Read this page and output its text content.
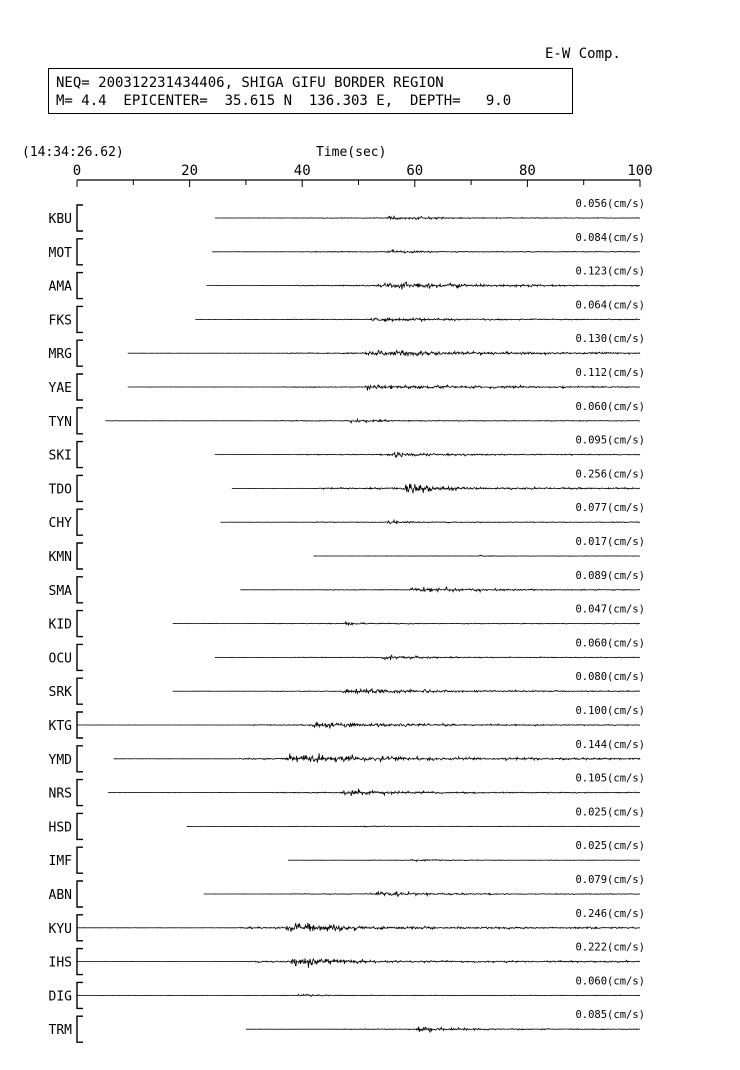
E-W Comp.
NEQ= 200312231434406, SHIGA GIFU BORDER REGION
M= 4.4  EPICENTER=  35.615 N  136.303 E,  DEPTH=   9.0
(14:34:26.62)	Time(sec)
0	20	40	60	80	100
KBU
0.056(cm/s)
MOT
0.084(cm/s)
AMA
0.123(cm/s)
FKS
0.064(cm/s)
MRG
0.130(cm/s)
YAE
0.112(cm/s)
TYN
0.060(cm/s)
SKI
0.095(cm/s)
TDO
0.256(cm/s)
CHY
0.077(cm/s)
KMN
0.017(cm/s)
SMA
0.089(cm/s)
KID
0.047(cm/s)
OCU
0.060(cm/s)
SRK
0.080(cm/s)
KTG
0.100(cm/s)
YMD
0.144(cm/s)
NRS
0.105(cm/s)
HSD
0.025(cm/s)
IMF
0.025(cm/s)
ABN
0.079(cm/s)
KYU
0.246(cm/s)
IHS
0.222(cm/s)
DIG
0.060(cm/s)
TRM
0.085(cm/s)
